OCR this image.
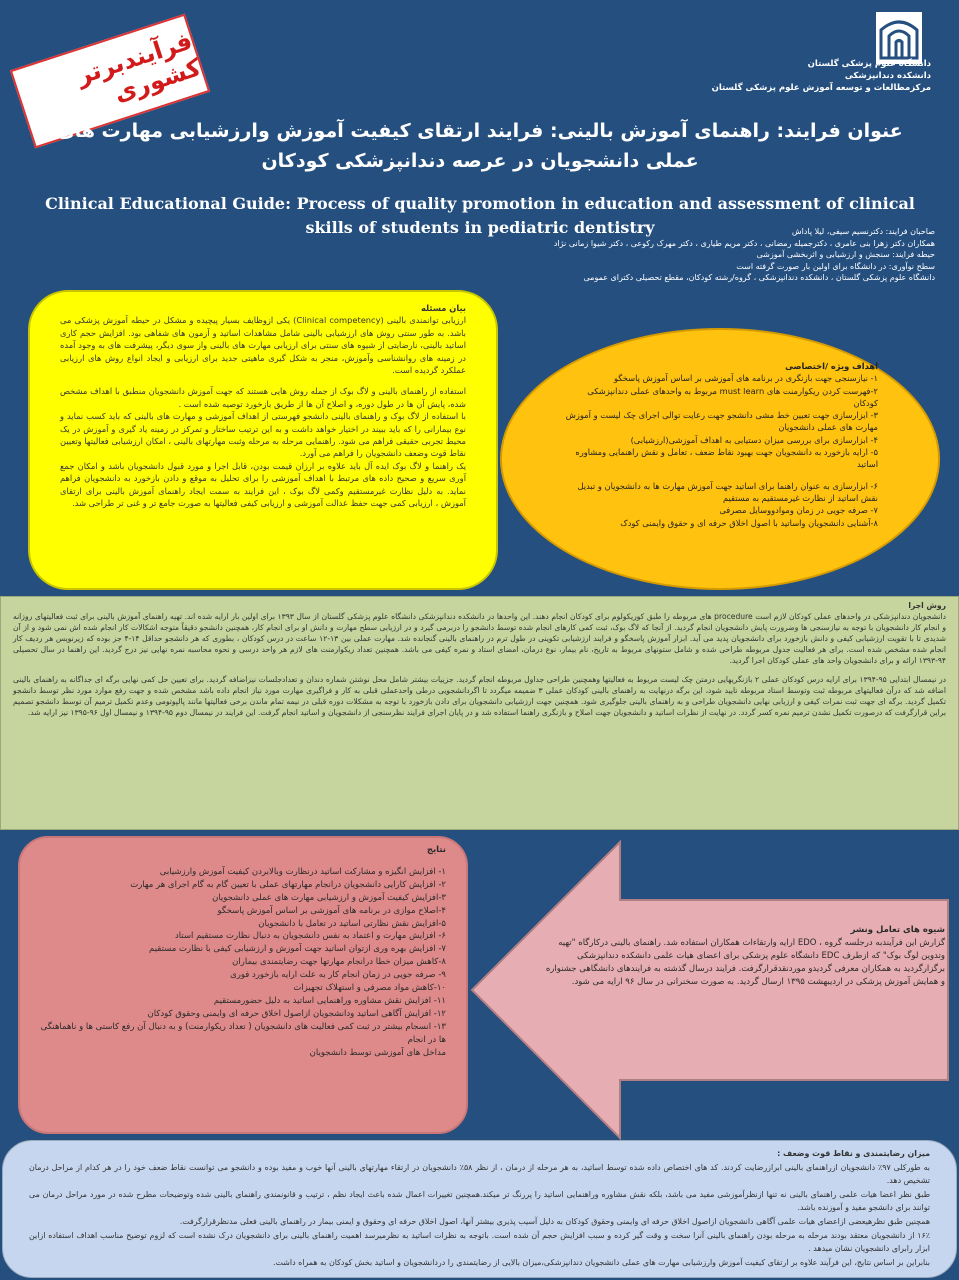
فرآیندبرتر کشوری	دانشگاه علوم پزشکی گلستان
دانشکده دندانپزشکی
مرکزمطالعات و توسعه آموزش علوم پزشکی گلستان
عنوان فرایند: راهنمای آموزش بالینی: فرایند ارتقای کیفیت آموزش وارزشیابی مهارت های عملی دانشجویان در عرصه دندانپزشکی کودکان
Clinical Educational Guide: Process of quality promotion in education and assessment of clinical skills of students in pediatric dentistry	صاحبان فرایند: دکترنسیم سیفی، لیلا پاداش
همکاران دکتر زهرا بنی عامری ، دکترجمیله رمضانی ، دکتر مریم طیاری ، دکتر مهرک رکوعی ، دکتر شیوا زمانی نژاد
حیطه فرایند: سنجش و ارزشیابی و اثربخشی آموزشی
سطح نوآوری: در دانشگاه برای اولین بار صورت گرفته است
دانشگاه علوم پزشکی گلستان ، دانشکده دندانپزشکی ، گروه/رشته کودکان، مقطع تحصیلی دکترای عمومی
بیان مسئله
ارزیابی توانمندی بالینی (Clinical competency) یکی ازوظایف بسیار پیچیده و مشکل در حیطه آموزش پزشکی می باشد. به طور سنتی روش های ارزشیابی بالینی شامل مشاهدات اساتید و آزمون های شفاهی بود. افزایش حجم کاری اساتید بالینی، نارضایتی از شیوه های سنتی برای ارزیابی مهارت های بالینی واز سوی دیگر، پیشرفت های به وجود آمده در زمینه های روانشناسی وآموزش، منجر به شکل گیری ماهیتی جدید برای ارزیابی و ایجاد انواع روش های ارزیابی عملکرد گردیده است.
استفاده از راهنمای بالینی و لاگ بوک از جمله روش هایی هستند که جهت آموزش دانشجویان منطبق با اهداف مشخص شده، پایش آن ها در طول دوره، و اصلاح آن ها از طریق بازخورد توصیه شده است .
با استفاده از لاگ بوک و راهنمای بالینی دانشجو فهرستی از اهداف آموزشی و مهارت های بالینی که باید کسب نماید و نوع بیمارانی را که باید ببیند در اختیار خواهد داشت و به این ترتیب ساختار و تمرکز در زمینه یاد گیری و آموزش در یک محیط تجربی حقیقی فراهم می شود. راهنمایی مرحله به مرحله وثبت مهارتهای بالینی ، امکان ارزشیابی فعالیتها وتعیین نقاط قوت وضعف دانشجویان را فراهم می آورد.
یک راهنما و لاگ بوک ایده آل باید علاوه بر ارزان قیمت بودن، قابل اجرا و مورد قبول دانشجویان باشد و امکان جمع آوری سریع و صحیح داده های مرتبط با اهداف آموزشی را برای تحلیل به موقع و دادن بازخورد به دانشجویان فراهم نماید. به دلیل نظارت غیرمستقیم وکمی لاگ بوک ، این فرایند به سمت ایجاد راهنمای آموزش بالینی برای ارتقای آموزش ، ارزیابی کمی جهت حفظ عدالت آموزشی و ارزیابی کیفی فعالیتها به صورت جامع تر و غنی تر طراحی شد.
اهداف ویژه /اختصاصی
۱- نیازسنجی جهت بازنگری در برنامه های آموزشی بر اساس آموزش پاسخگو
۲-فهرست کردن ریکوارمنت های must learn مربوط به واحدهای عملی دندانپزشکی کودکان
۳- ابزارسازی جهت تعیین خط مشی دانشجو جهت رعایت توالی اجرای چک لیست و آموزش مهارت های عملی دانشجویان
۴- ابزارسازی برای بررسی میزان دستیابی به اهداف آموزشی(ارزشیابی)
۵- ارایه بازخورد به دانشجویان جهت بهبود نقاط ضعف ، تعامل و نقش راهنمایی ومشاوره اساتید
۶- ابزارسازی به عنوان راهنما برای اساتید جهت آموزش مهارت ها به دانشجویان و تبدیل نقش اساتید از نظارت غیرمستقیم به مستقیم
۷- صرفه جویی در زمان وموادووسایل مصرفی
۸-آشنایی دانشجویان واساتید با اصول اخلاق حرفه ای و حقوق وایمنی کودک
روش اجرا
دانشجویان دندانپزشکی در واحدهای عملی کودکان لازم است procedure های مربوطه را طبق کوریکولوم برای کودکان انجام دهند. این واحدها در دانشکده دندانپزشکی دانشگاه علوم پزشکی گلستان از سال ۱۳۹۳ برای اولین بار ارایه شده اند. تهیه راهنمای آموزش بالینی برای ثبت فعالیتهای روزانه و انجام کار دانشجویان با توجه به نیازسنجی ها وضرورت پایش دانشجویان انجام گردید. از آنجا که لاگ بوک، ثبت کمی کارهای انجام شده توسط دانشجو را دربرمی گیرد و در ارزیابی سطح مهارت و دانش او برای انجام کار، همچنین دانشجو دقیقاً متوجه اشکالات کار انجام شده اش نمی شود و از آن شدیدی تا با تقویت ارزشیابی کیفی و دانش بازخورد برای دانشجویان پدید می آید. ابزار آموزش پاسخگو و فرایند ارزشیابی تکوینی در طول ترم در راهنمای بالینی گنجانده شد. مهارت عملی بین ۱۳-۱۲ ساعت در درس کودکان ، بطوری که هر دانشجو حداقل ۱۴-۴ جز بوده که زیرنویس هر ردیف کار انجام شده مشخص شده است. برای هر فعالیت جدول مربوطه طراحی شده و شامل ستونهای مربوط به تاریخ، نام بیمار، نوع درمان، امضای استاد و نمره کیفی می باشد. همچنین تعداد ریکوارمنت های لازم هر واحد درسی و نحوه محاسبه نمره نهایی نیز درج گردید. این راهنما در سال تحصیلی ۹۴-۱۳۹۳ ارائه و برای دانشجویان واحد های عملی کودکان اجرا گردید.
در نیمسال ابتدایی ۹۵-۱۳۹۴ برای ارایه درس کودکان عملی ۲ بازنگریهایی درمتن چک لیست مربوط به فعالیتها وهمچنین طراحی جداول مربوطه انجام گردید. جزییات بیشتر شامل محل نوشتن شماره دندان و تعدادجلسات نیزاضافه گردید. برای تعیین حل کمی نهایی برگه ای جداگانه به راهنمای بالینی اضافه شد که درآن فعالیتهای مربوطه ثبت وتوسط استاد مربوطه تایید شود، این برگه درنهایت به راهنمای بالینی کودکان عملی ۳ ضمیمه میگردد تا اگردانشجویی درطی واحدعملی قبلی به کار و فراگیری مهارت مورد نیاز انجام داده باشد مشخص شده و جهت رفع موارد مورد نظر توسط دانشجو تکمیل گردید. برگه ای جهت ثبت نمرات کیفی و ارزیابی نهایی دانشجویان طراحی و به راهنمای بالینی جلوگیری شود. همچنین جهت ارزشیابی دانشجویان برای دادن بازخورد با توجه به مشکلات دوره قبلی در نیمه تمام ماندن برخی فعالیتها مانند پالپوتومی وعدم تکمیل ترمیم آن توسط دانشجو تصمیم براین قرارگرفت که درصورت تکمیل نشدن ترمیم نمره کسر گردد. در نهایت از نظرات اساتید و دانشجویان جهت اصلاح و بازنگری راهنما استفاده شد و در پایان اجرای فرایند نظرسنجی از دانشجویان و اساتید انجام گرفت. این فرایند در نیمسال دوم ۹۵-۱۳۹۴ و نیمسال اول ۹۶-۱۳۹۵ نیز ارایه شد.
نتایج
۱- افزایش انگیزه و مشارکت اساتید درنظارت وبالابردن کیفیت آموزش وارزشیابی
۲- افزایش کارایی دانشجویان درانجام مهارتهای عملی با تعیین گام به گام اجرای هر مهارت
۳-افزایش کیفیت آموزش و ارزشیابی مهارت های عملی دانشجویان
۴-اصلاح موازی در برنامه های آموزشی بر اساس آموزش پاسخگو
۵-افزایش نقش نظارتی اساتید در تعامل با دانشجویان
۶- افزایش مهارت و اعتماد به نفس دانشجویان به دنبال نظارت مستقیم استاد
۷- افزایش بهره وری ازتوان اساتید جهت آموزش و ارزشیابی کیفی با نظارت مستقیم
۸-کاهش میزان خطا درانجام مهارتها جهت رضایتمندی بیماران
۹- صرفه جویی در زمان انجام کار به علت ارایه بازخورد فوری
۱۰-کاهش مواد مصرفی و استهلاک تجهیزات
۱۱- افزایش نقش مشاوره وراهنمایی اساتید به دلیل حضورمستقیم
۱۲- افزایش آگاهی اساتید ودانشجویان ازاصول اخلاق حرفه ای وایمنی وحقوق کودکان
۱۳- انسجام بیشتر در ثبت کمی فعالیت های دانشجویان ( تعداد ریکوارمنت) و به دنبال آن رفع کاستی ها و ناهماهنگی ها در انجام
مداخل های آموزشی توسط دانشجویان
شیوه های تعامل ونشر
گزارش این فرآیندبه درجلسه گروه ، EDO ارایه وارتقاءات همکاران استفاده شد. راهنمای بالینی درکارگاه "تهیه وتدوین لوگ بوک" که ازطرف EDC دانشگاه علوم پزشکی برای اعضای هیات علمی دانشکده دندانپزشکی برگزارگردید به همکاران معرفی گردیدو موردنقدقرارگرفت. فرایند درسال گذشته به فرایندهای دانشگاهی جشنواره و همایش آموزش پزشکی در اردیبهشت ۱۳۹۵ ارسال گردید. به صورت سخنرانی در سال ۹۶ ارایه می شود.
میزان رضایتمندی و نقاط قوت وضعف :
به طورکلی ۹۷٪ دانشجویان ازراهنمای بالینی ابرازرضایت کردند. کد های اختصاص داده شده توسط اساتید، به هر مرحله از درمان ، از نظر ۵۸٪ دانشجویان در ارتقاء مهارتهای بالینی آنها خوب و مفید بوده و دانشجو می توانست نقاط ضعف خود را در هر کدام از مراحل درمان تشخیص دهد.
طبق نظر اعضا هیات علمی راهنمای بالینی نه تنها ازنظرآموزشی مفید می باشد، بلکه نقش مشاوره وراهنمایی اساتید را پررنگ تر میکند.همچنین تغییرات اعمال شده باعث ایجاد نظم ، ترتیب و قانونمندی راهنمای بالینی شده وتوضیحات مطرح شده در مورد مراحل درمان می توانند برای دانشجو مفید و آموزنده باشد.
همچنین طبق نظرهیعضی ازاعضای هیات علمی آگاهی دانشجویان ازاصول اخلاق حرفه ای وایمنی وحقوق کودکان به دلیل آسیب پذیری بیشتر آنها، اصول اخلاق حرفه ای وحقوق و ایمنی بیمار در راهنمای بالینی فعلی مدنظرقرارگرفت.
۱۶٪ از دانشجویان معتقد بودند مرحله به مرحله بودن راهنمای بالینی آنرا سخت و وقت گیر کرده و سبب افزایش حجم آن شده است. باتوجه به نظرات اساتید به نظرمیرسد اهمیت راهنمای بالینی برای دانشجویان درک نشده است که لزوم توضیح مناسب اهداف استفاده ازاین ابزار رابرای دانشجویان نشان میدهد .
بنابراین بر اساس نتایج، این فرآیند علاوه بر ارتقای کیفیت آموزش وارزشیابی مهارت های عملی دانشجویان دندانپزشکی،میزان بالایی از رضایتمندی را دردانشجویان و اساتید بخش کودکان به همراه داشت.
